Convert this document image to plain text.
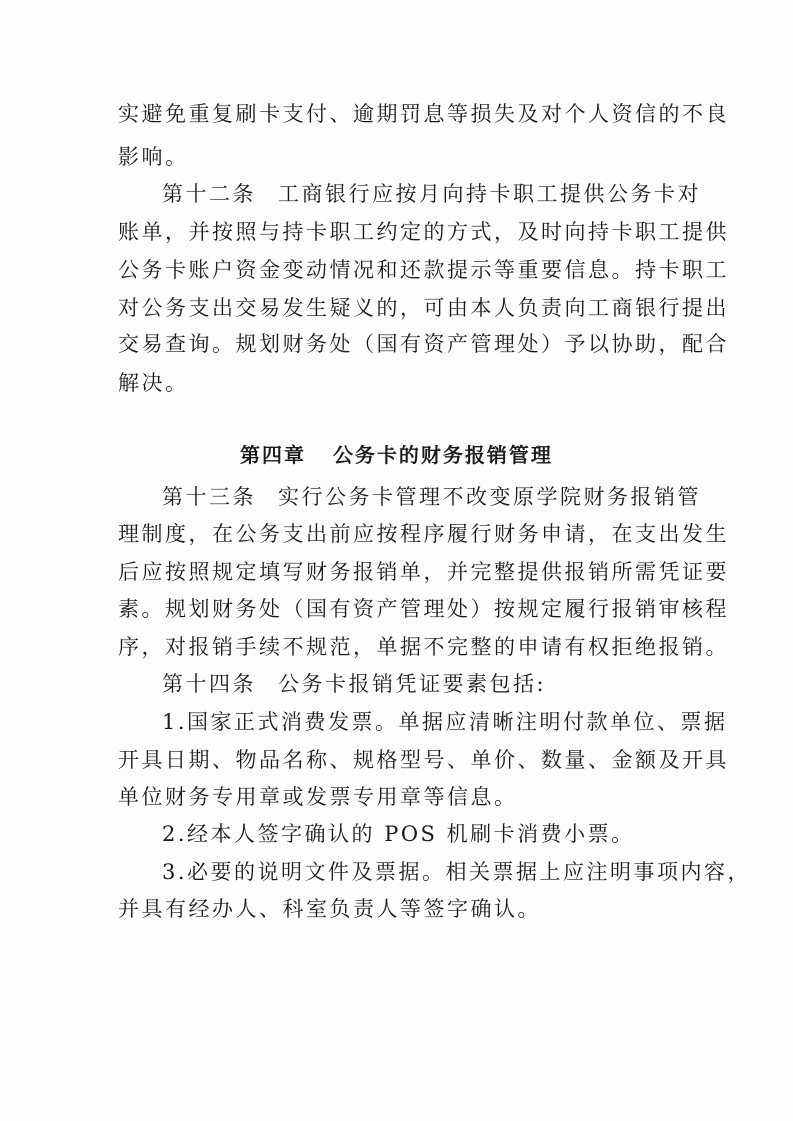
实避免重复刷卡支付、逾期罚息等损失及对个人资信的不良
影响。
第十二条 工商银行应按月向持卡职工提供公务卡对
账单，并按照与持卡职工约定的方式，及时向持卡职工提供
公务卡账户资金变动情况和还款提示等重要信息。持卡职工
对公务支出交易发生疑义的，可由本人负责向工商银行提出
交易查询。规划财务处（国有资产管理处）予以协助，配合
解决。
第四章 公务卡的财务报销管理
第十三条 实行公务卡管理不改变原学院财务报销管
理制度，在公务支出前应按程序履行财务申请，在支出发生
后应按照规定填写财务报销单，并完整提供报销所需凭证要
素。规划财务处（国有资产管理处）按规定履行报销审核程
序，对报销手续不规范，单据不完整的申请有权拒绝报销。
第十四条 公务卡报销凭证要素包括:
1.国家正式消费发票。单据应清晰注明付款单位、票据
开具日期、物品名称、规格型号、单价、数量、金额及开具
单位财务专用章或发票专用章等信息。
2.经本人签字确认的 POS 机刷卡消费小票。
3.必要的说明文件及票据。相关票据上应注明事项内容，
并具有经办人、科室负责人等签字确认。
